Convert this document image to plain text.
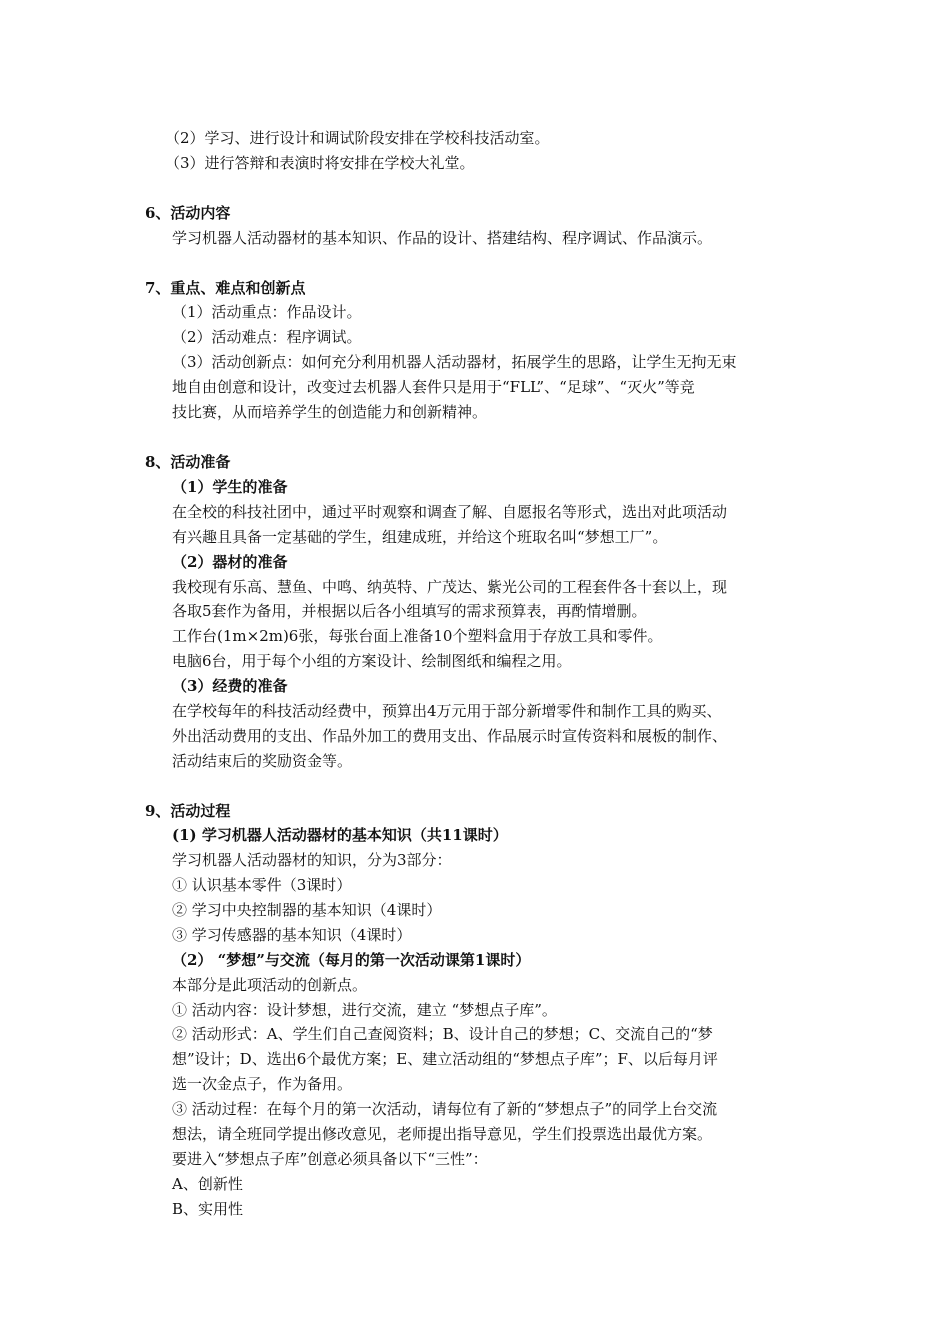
（2）学习、进行设计和调试阶段安排在学校科技活动室。
（3）进行答辩和表演时将安排在学校大礼堂。
6、活动内容
学习机器人活动器材的基本知识、作品的设计、搭建结构、程序调试、作品演示。
7、重点、难点和创新点
（1）活动重点：作品设计。
（2）活动难点：程序调试。
（3）活动创新点：如何充分利用机器人活动器材，拓展学生的思路，让学生无拘无束
地自由创意和设计，改变过去机器人套件只是用于“FLL”、“足球”、“灭火”等竞
技比赛，从而培养学生的创造能力和创新精神。
8、活动准备
（1）学生的准备
在全校的科技社团中，通过平时观察和调查了解、自愿报名等形式，选出对此项活动
有兴趣且具备一定基础的学生，组建成班，并给这个班取名叫“梦想工厂”。
（2）器材的准备
我校现有乐高、慧鱼、中鸣、纳英特、广茂达、紫光公司的工程套件各十套以上，现
各取5套作为备用，并根据以后各小组填写的需求预算表，再酌情增删。
工作台(1m×2m)6张，每张台面上准备10个塑料盒用于存放工具和零件。
电脑6台，用于每个小组的方案设计、绘制图纸和编程之用。
（3）经费的准备
在学校每年的科技活动经费中，预算出4万元用于部分新增零件和制作工具的购买、
外出活动费用的支出、作品外加工的费用支出、作品展示时宣传资料和展板的制作、
活动结束后的奖励资金等。
9、活动过程
(1) 学习机器人活动器材的基本知识（共11课时）
学习机器人活动器材的知识，分为3部分：
① 认识基本零件（3课时）
② 学习中央控制器的基本知识（4课时）
③ 学习传感器的基本知识（4课时）
（2） “梦想”与交流（每月的第一次活动课第1课时）
本部分是此项活动的创新点。
① 活动内容：设计梦想，进行交流，建立 “梦想点子库”。
② 活动形式：A、学生们自己查阅资料；B、设计自己的梦想；C、交流自己的“梦
想”设计；D、选出6个最优方案；E、建立活动组的“梦想点子库”；F、以后每月评
选一次金点子，作为备用。
③ 活动过程：在每个月的第一次活动，请每位有了新的“梦想点子”的同学上台交流
想法，请全班同学提出修改意见，老师提出指导意见，学生们投票选出最优方案。
要进入“梦想点子库”创意必须具备以下“三性”：
A、创新性
B、实用性
